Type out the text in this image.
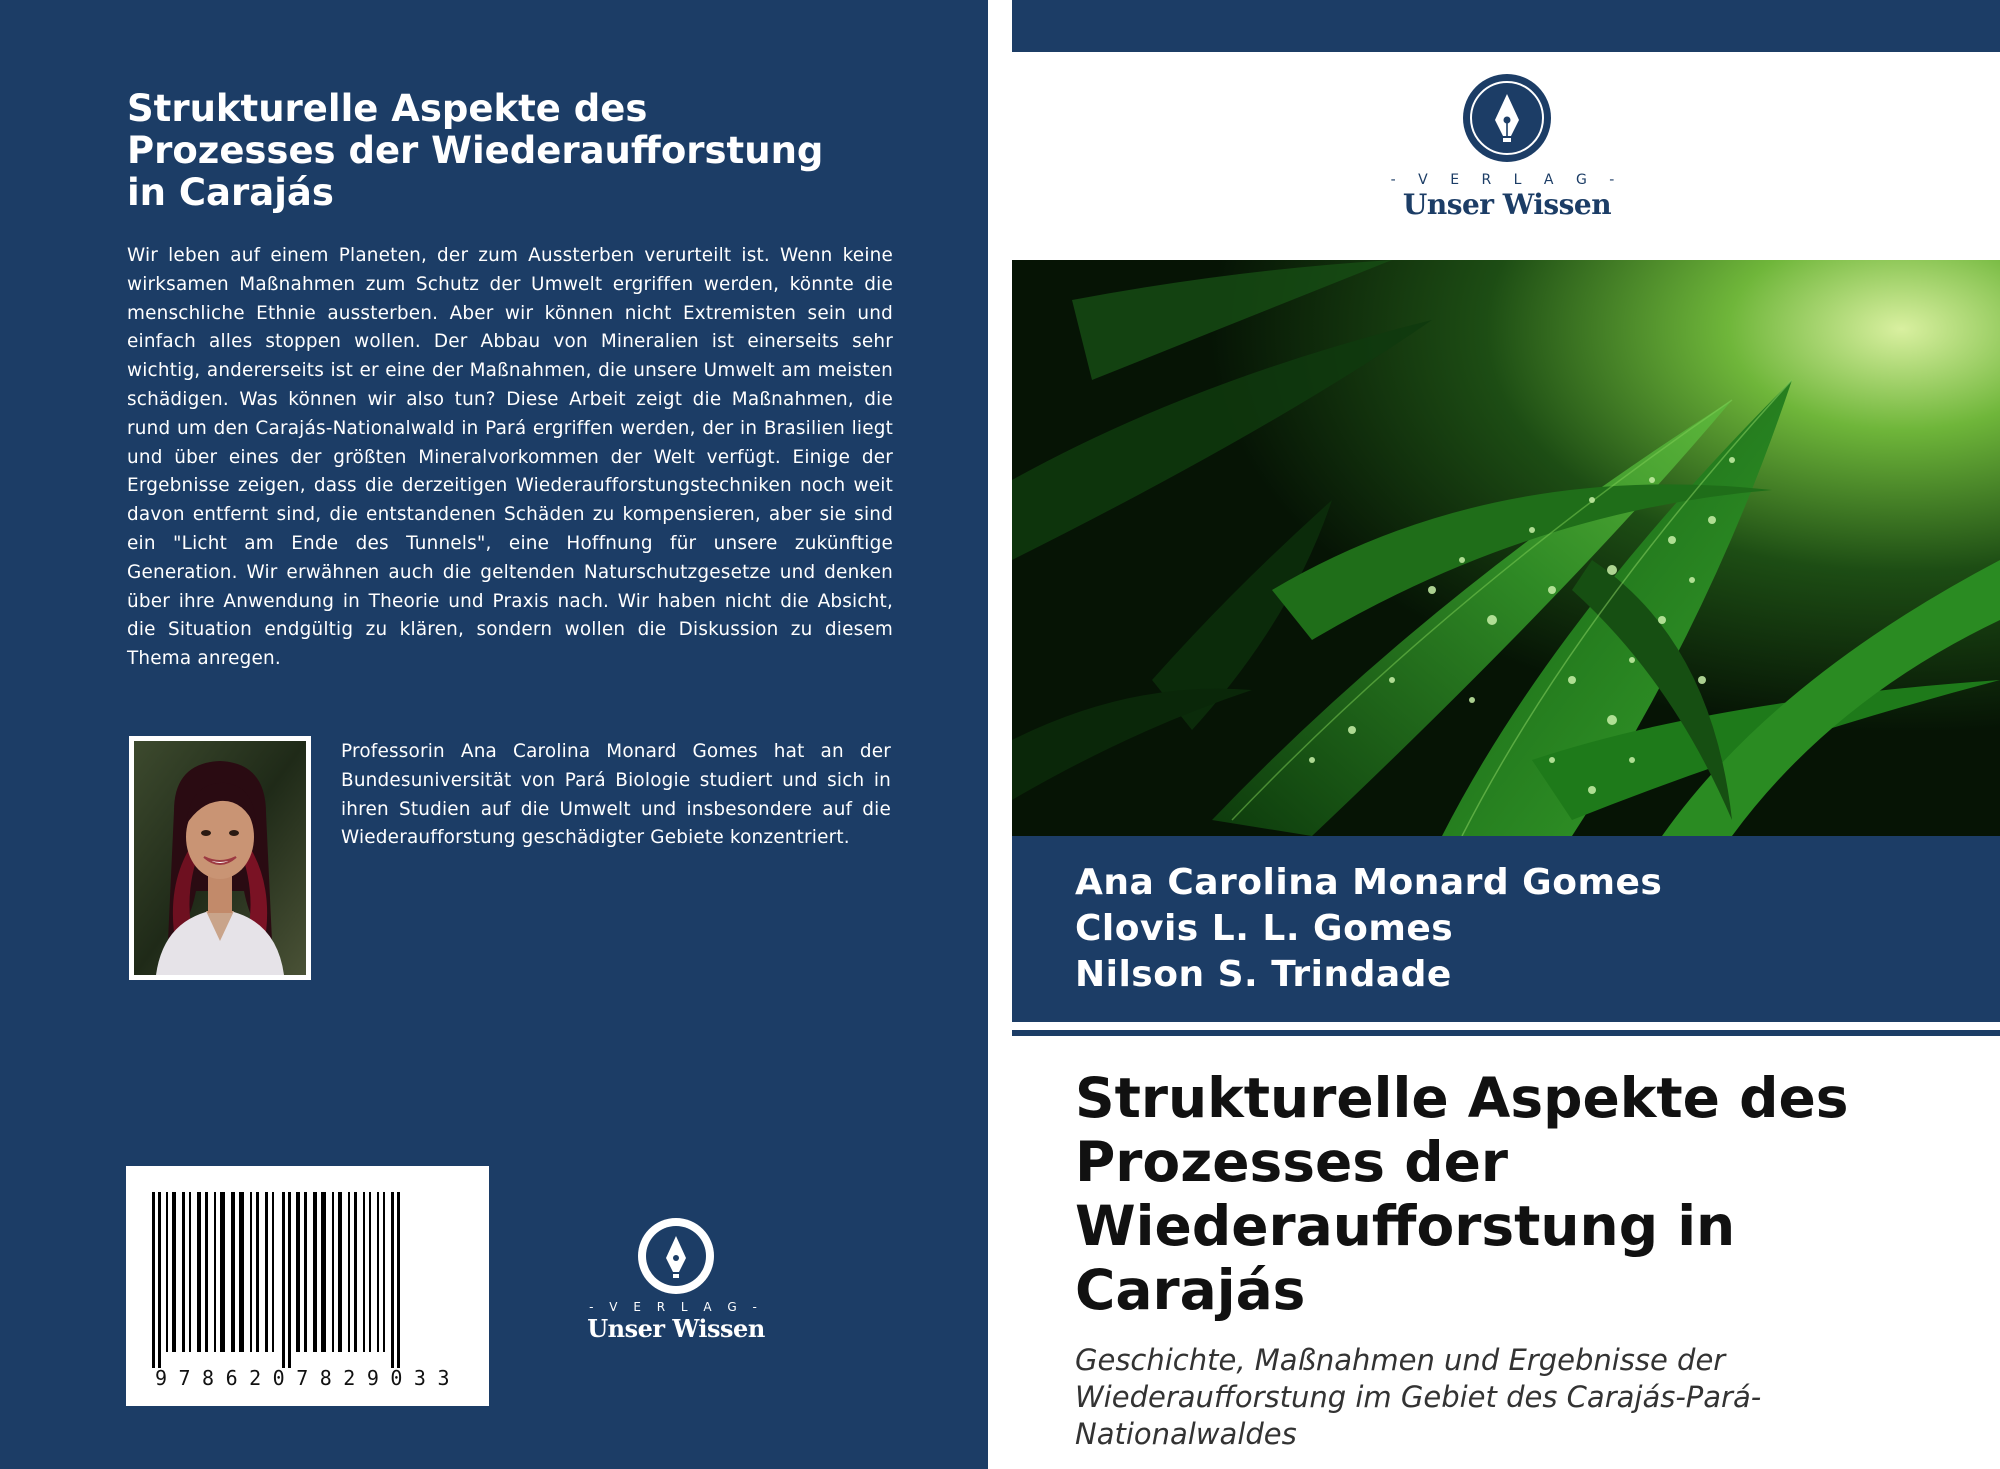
Strukturelle Aspekte des
Prozesses der Wiederaufforstung
in Carajás

Wir leben auf einem Planeten, der zum Aussterben verurteilt ist. Wenn keine wirksamen Maßnahmen zum Schutz der Umwelt ergriffen werden, könnte die menschliche Ethnie aussterben. Aber wir können nicht Extremisten sein und einfach alles stoppen wollen. Der Abbau von Mineralien ist einerseits sehr wichtig, andererseits ist er eine der Maßnahmen, die unsere Umwelt am meisten schädigen. Was können wir also tun? Diese Arbeit zeigt die Maßnahmen, die rund um den Carajás-Nationalwald in Pará ergriffen werden, der in Brasilien liegt und über eines der größten Mineralvorkommen der Welt verfügt. Einige der Ergebnisse zeigen, dass die derzeitigen Wiederaufforstungstechniken noch weit davon entfernt sind, die entstandenen Schäden zu kompensieren, aber sie sind ein "Licht am Ende des Tunnels", eine Hoffnung für unsere zukünftige Generation. Wir erwähnen auch die geltenden Naturschutzgesetze und denken über ihre Anwendung in Theorie und Praxis nach. Wir haben nicht die Absicht, die Situation endgültig zu klären, sondern wollen die Diskussion zu diesem Thema anregen.

Professorin Ana Carolina Monard Gomes hat an der Bundesuniversität von Pará Biologie studiert und sich in ihren Studien auf die Umwelt und insbesondere auf die Wiederaufforstung geschädigter Gebiete konzentriert.

9786207829033
- V E R L A G -
Unser Wissen
- V E R L A G -
Unser Wissen
Ana Carolina Monard Gomes
Clovis L. L. Gomes
Nilson S. Trindade
Strukturelle Aspekte des
Prozesses der
Wiederaufforstung in
Carajás

Geschichte, Maßnahmen und Ergebnisse der
Wiederaufforstung im Gebiet des Carajás-Pará-
Nationalwaldes
